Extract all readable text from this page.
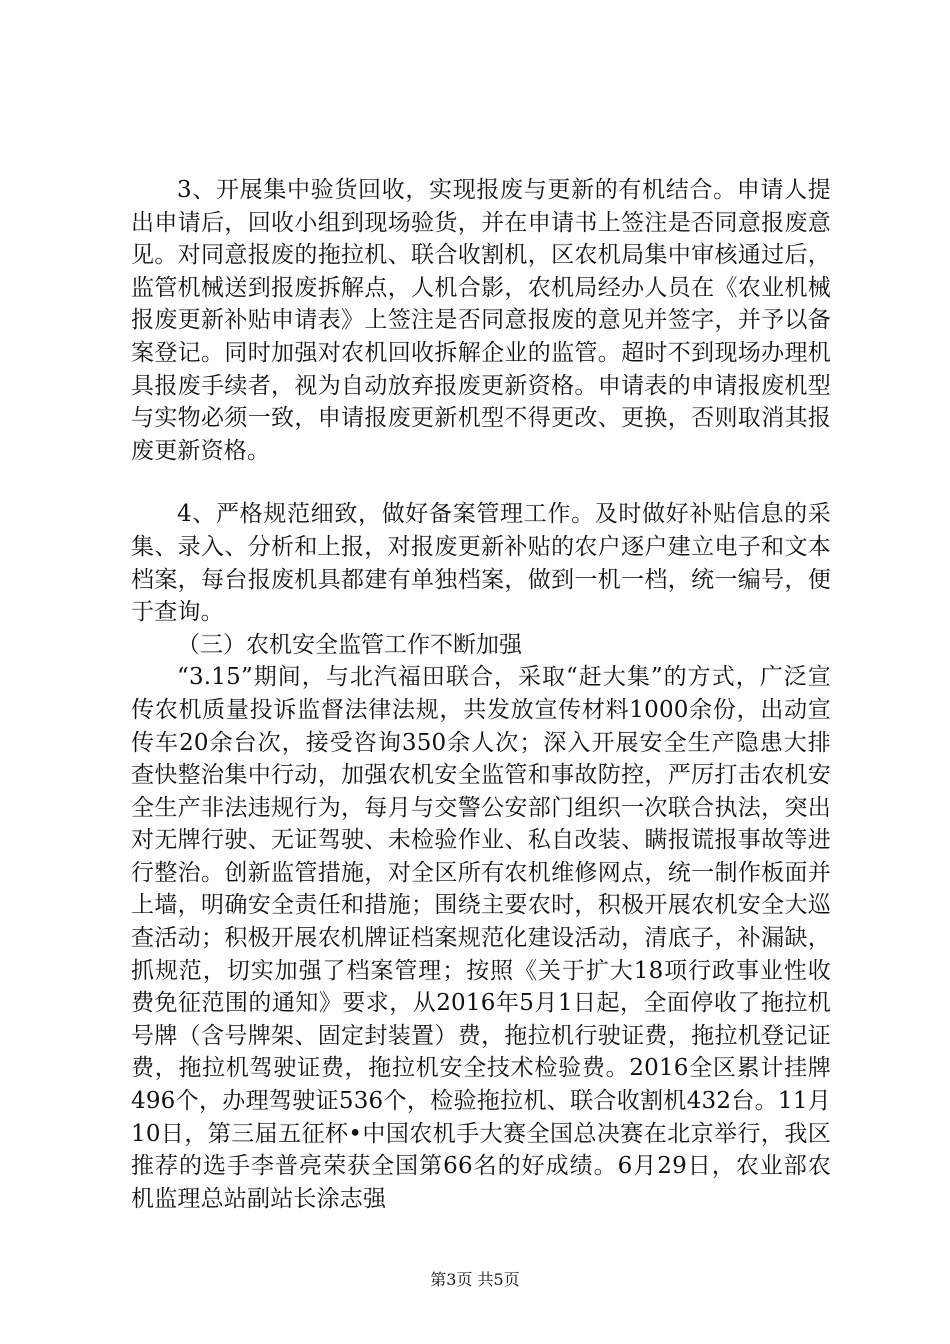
3、开展集中验货回收，实现报废与更新的有机结合。申请人提出申请后，回收小组到现场验货，并在申请书上签注是否同意报废意见。对同意报废的拖拉机、联合收割机，区农机局集中审核通过后，监管机械送到报废拆解点，人机合影，农机局经办人员在《农业机械报废更新补贴申请表》上签注是否同意报废的意见并签字，并予以备案登记。同时加强对农机回收拆解企业的监管。超时不到现场办理机具报废手续者，视为自动放弃报废更新资格。申请表的申请报废机型与实物必须一致，申请报废更新机型不得更改、更换，否则取消其报废更新资格。

4、严格规范细致，做好备案管理工作。及时做好补贴信息的采集、录入、分析和上报，对报废更新补贴的农户逐户建立电子和文本档案，每台报废机具都建有单独档案，做到一机一档，统一编号，便于查询。

（三）农机安全监管工作不断加强

“3.15”期间，与北汽福田联合，采取“赶大集”的方式，广泛宣传农机质量投诉监督法律法规，共发放宣传材料1000余份，出动宣传车20余台次，接受咨询350余人次；深入开展安全生产隐患大排查快整治集中行动，加强农机安全监管和事故防控，严厉打击农机安全生产非法违规行为，每月与交警公安部门组织一次联合执法，突出对无牌行驶、无证驾驶、未检验作业、私自改装、瞒报谎报事故等进行整治。创新监管措施，对全区所有农机维修网点，统一制作板面并上墙，明确安全责任和措施；围绕主要农时，积极开展农机安全大巡查活动；积极开展农机牌证档案规范化建设活动，清底子，补漏缺，抓规范，切实加强了档案管理；按照《关于扩大18项行政事业性收费免征范围的通知》要求，从2016年5月1日起，全面停收了拖拉机号牌（含号牌架、固定封装置）费，拖拉机行驶证费，拖拉机登记证费，拖拉机驾驶证费，拖拉机安全技术检验费。2016全区累计挂牌496个，办理驾驶证536个，检验拖拉机、联合收割机432台。11月10日，第三届五征杯•中国农机手大赛全国总决赛在北京举行，我区推荐的选手李普亮荣获全国第66名的好成绩。6月29日，农业部农机监理总站副站长涂志强

第3页 共5页
